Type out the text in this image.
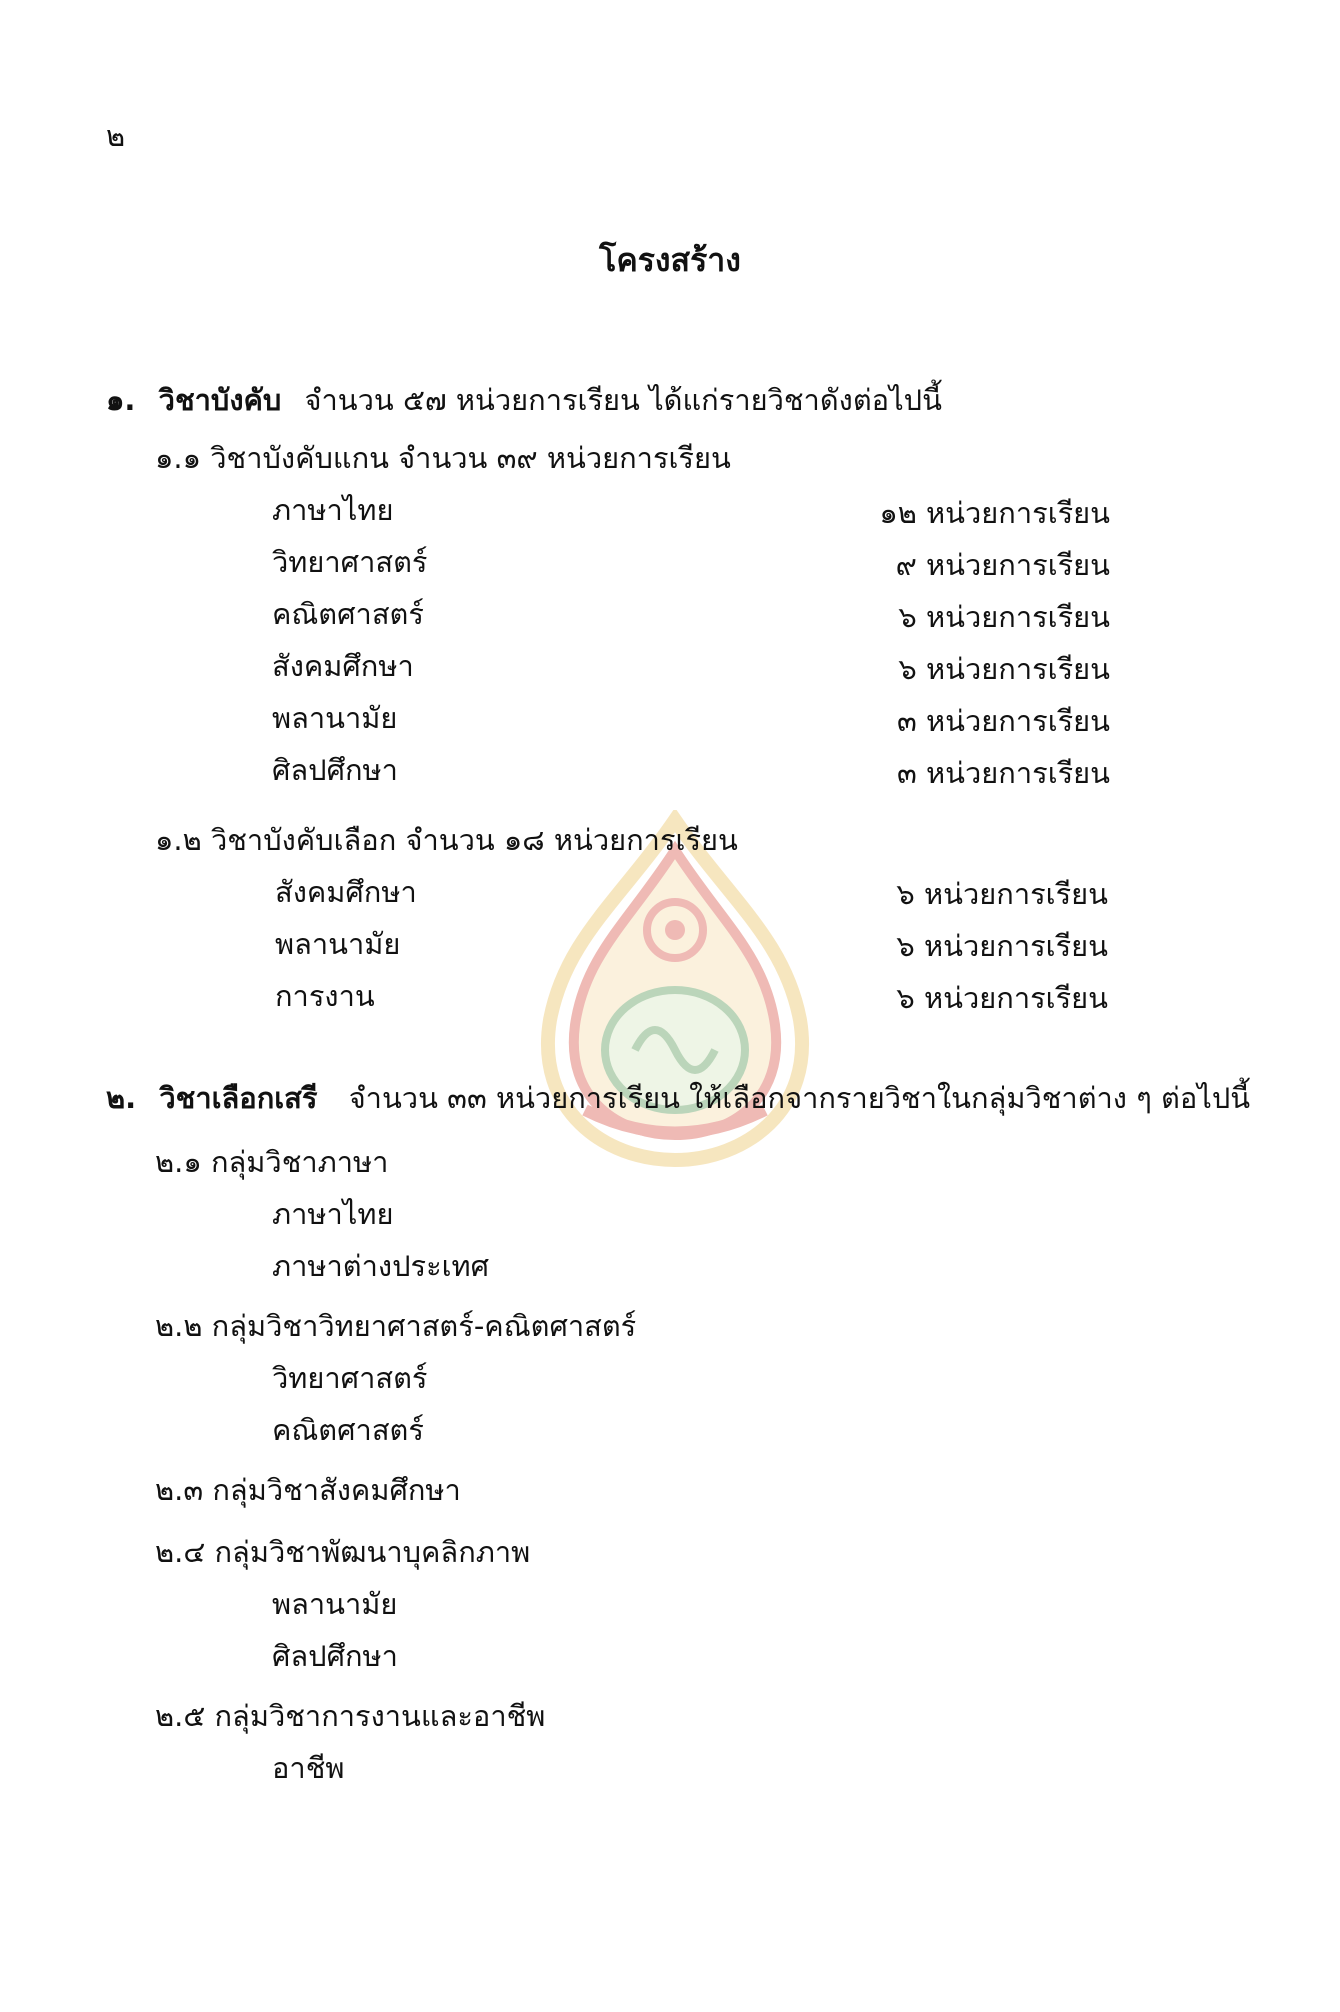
๒
โครงสร้าง
๑. วิชาบังคับ จำนวน ๕๗ หน่วยการเรียน ได้แก่รายวิชาดังต่อไปนี้
๑.๑ วิชาบังคับแกน จำนวน ๓๙ หน่วยการเรียน
ภาษาไทย	๑๒ หน่วยการเรียน
วิทยาศาสตร์	๙ หน่วยการเรียน
คณิตศาสตร์	๖ หน่วยการเรียน
สังคมศึกษา	๖ หน่วยการเรียน
พลานามัย	๓ หน่วยการเรียน
ศิลปศึกษา	๓ หน่วยการเรียน
๑.๒ วิชาบังคับเลือก จำนวน ๑๘ หน่วยการเรียน
สังคมศึกษา	๖ หน่วยการเรียน
พลานามัย	๖ หน่วยการเรียน
การงาน	๖ หน่วยการเรียน
๒. วิชาเลือกเสรี จำนวน ๓๓ หน่วยการเรียน ให้เลือกจากรายวิชาในกลุ่มวิชาต่าง ๆ ต่อไปนี้
๒.๑ กลุ่มวิชาภาษา
ภาษาไทย
ภาษาต่างประเทศ
๒.๒ กลุ่มวิชาวิทยาศาสตร์-คณิตศาสตร์
วิทยาศาสตร์
คณิตศาสตร์
๒.๓ กลุ่มวิชาสังคมศึกษา
๒.๔ กลุ่มวิชาพัฒนาบุคลิกภาพ
พลานามัย
ศิลปศึกษา
๒.๕ กลุ่มวิชาการงานและอาชีพ
อาชีพ
